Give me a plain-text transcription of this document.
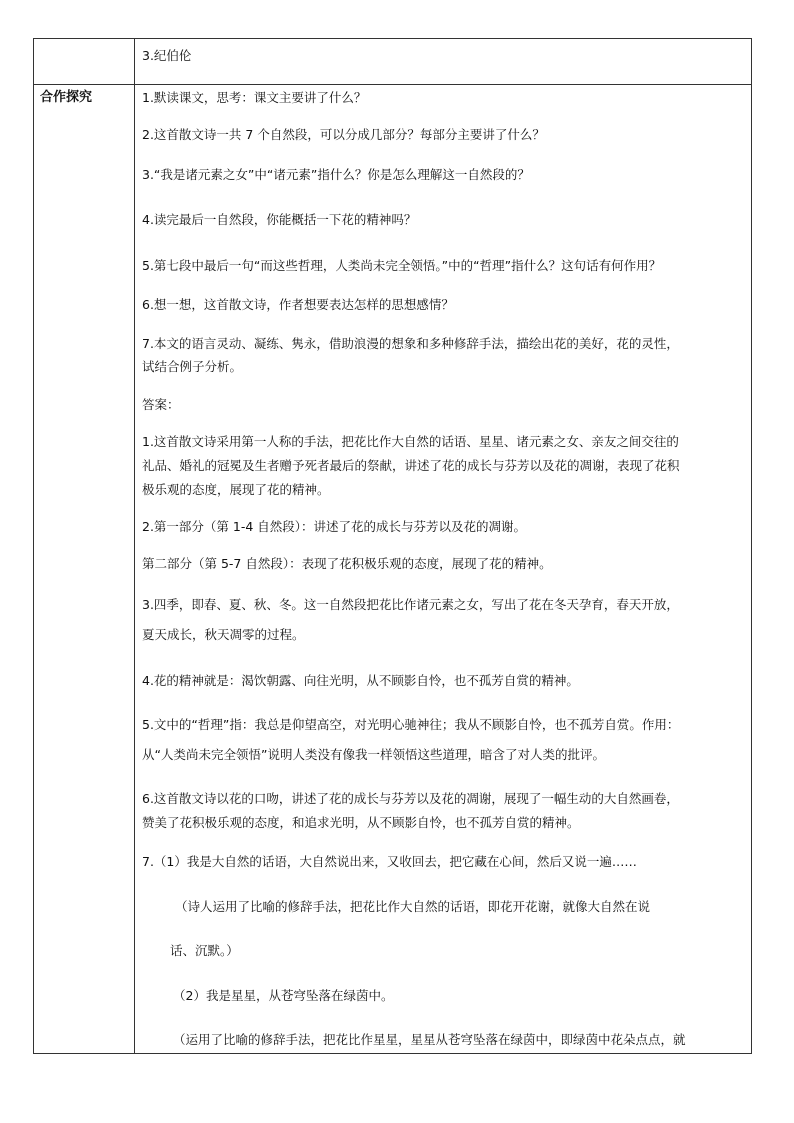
3.纪伯伦
合作探究	1.默读课文，思考：课文主要讲了什么？
2.这首散文诗一共 7 个自然段，可以分成几部分？每部分主要讲了什么？
3.“我是诸元素之女”中“诸元素”指什么？你是怎么理解这一自然段的？
4.读完最后一自然段，你能概括一下花的精神吗？
5.第七段中最后一句“而这些哲理，人类尚未完全领悟。”中的“哲理”指什么？这句话有何作用？
6.想一想，这首散文诗，作者想要表达怎样的思想感情？
7.本文的语言灵动、凝练、隽永，借助浪漫的想象和多种修辞手法，描绘出花的美好，花的灵性，
试结合例子分析。
答案：
1.这首散文诗采用第一人称的手法，把花比作大自然的话语、星星、诸元素之女、亲友之间交往的
礼品、婚礼的冠冕及生者赠予死者最后的祭献，讲述了花的成长与芬芳以及花的凋谢，表现了花积
极乐观的态度，展现了花的精神。
2.第一部分（第 1-4 自然段）：讲述了花的成长与芬芳以及花的凋谢。
第二部分（第 5-7 自然段）：表现了花积极乐观的态度，展现了花的精神。
3.四季，即春、夏、秋、冬。这一自然段把花比作诸元素之女，写出了花在冬天孕育，春天开放，
夏天成长，秋天凋零的过程。
4.花的精神就是：渴饮朝露、向往光明，从不顾影自怜，也不孤芳自赏的精神。
5.文中的“哲理”指：我总是仰望高空，对光明心驰神往；我从不顾影自怜，也不孤芳自赏。作用：
从“人类尚未完全领悟”说明人类没有像我一样领悟这些道理，暗含了对人类的批评。
6.这首散文诗以花的口吻，讲述了花的成长与芬芳以及花的凋谢，展现了一幅生动的大自然画卷，
赞美了花积极乐观的态度，和追求光明，从不顾影自怜，也不孤芳自赏的精神。
7.（1）我是大自然的话语，大自然说出来，又收回去，把它藏在心间，然后又说一遍……
（诗人运用了比喻的修辞手法，把花比作大自然的话语，即花开花谢，就像大自然在说
话、沉默。）
（2）我是星星，从苍穹坠落在绿茵中。
（运用了比喻的修辞手法，把花比作星星，星星从苍穹坠落在绿茵中，即绿茵中花朵点点，就
